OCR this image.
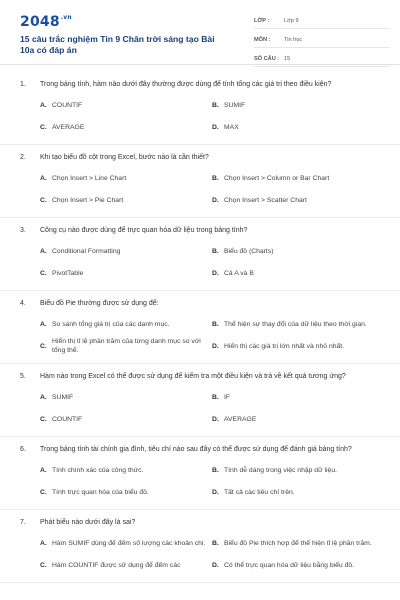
$2048^{.vn}$
15 câu trắc nghiệm Tin 9 Chân trời sáng tạo Bài 10a có đáp án
LỚP :	Lớp 9
MÔN :	Tin học
SỐ CÂU : 15
1.	Trong bảng tính, hàm nào dưới đây thường được dùng để tính tổng các giá trị theo điều kiện?
A. COUNTIF	B. SUMIF
C. AVERAGE	D. MAX
2.	Khi tạo biểu đồ cột trong Excel, bước nào là cần thiết?
A. Chọn Insert > Line Chart	B. Chọn Insert > Column or Bar Chart
C. Chọn Insert > Pie Chart	D. Chọn Insert > Scatter Chart
3.	Công cụ nào được dùng để trực quan hóa dữ liệu trong bảng tính?
A. Conditional Formatting	B. Biểu đồ (Charts)
C. PivotTable	D. Cả A và B
4.	Biểu đồ Pie thường được sử dụng để:
A. So sánh tổng giá trị của các danh mục.	B. Thể hiện sự thay đổi của dữ liệu theo thời gian.
C.
Hiển thị tỉ lệ phần trăm của từng danh mục so với tổng thể.
D. Hiển thị các giá trị lớn nhất và nhỏ nhất.
5.	Hàm nào trong Excel có thể được sử dụng để kiểm tra một điều kiện và trả về kết quả tương ứng?
A. SUMIF	B. IF
C. COUNTIF	D. AVERAGE
6.	Trong bảng tính tài chính gia đình, tiêu chí nào sau đây có thể được sử dụng để đánh giá bảng tính?
A. Tính chính xác của công thức.	B. Tính dễ dàng trong việc nhập dữ liệu.
C. Tính trực quan hóa của biểu đồ.	D. Tất cả các tiêu chí trên.
7.	Phát biểu nào dưới đây là sai?
A. Hàm SUMIF dùng để đếm số lượng các khoản chi. B. Biểu đồ Pie thích hợp để thể hiện tỉ lệ phần trăm.
C. Hàm COUNTIF được sử dụng để đếm các	D. Có thể trực quan hóa dữ liệu bằng biểu đồ.
